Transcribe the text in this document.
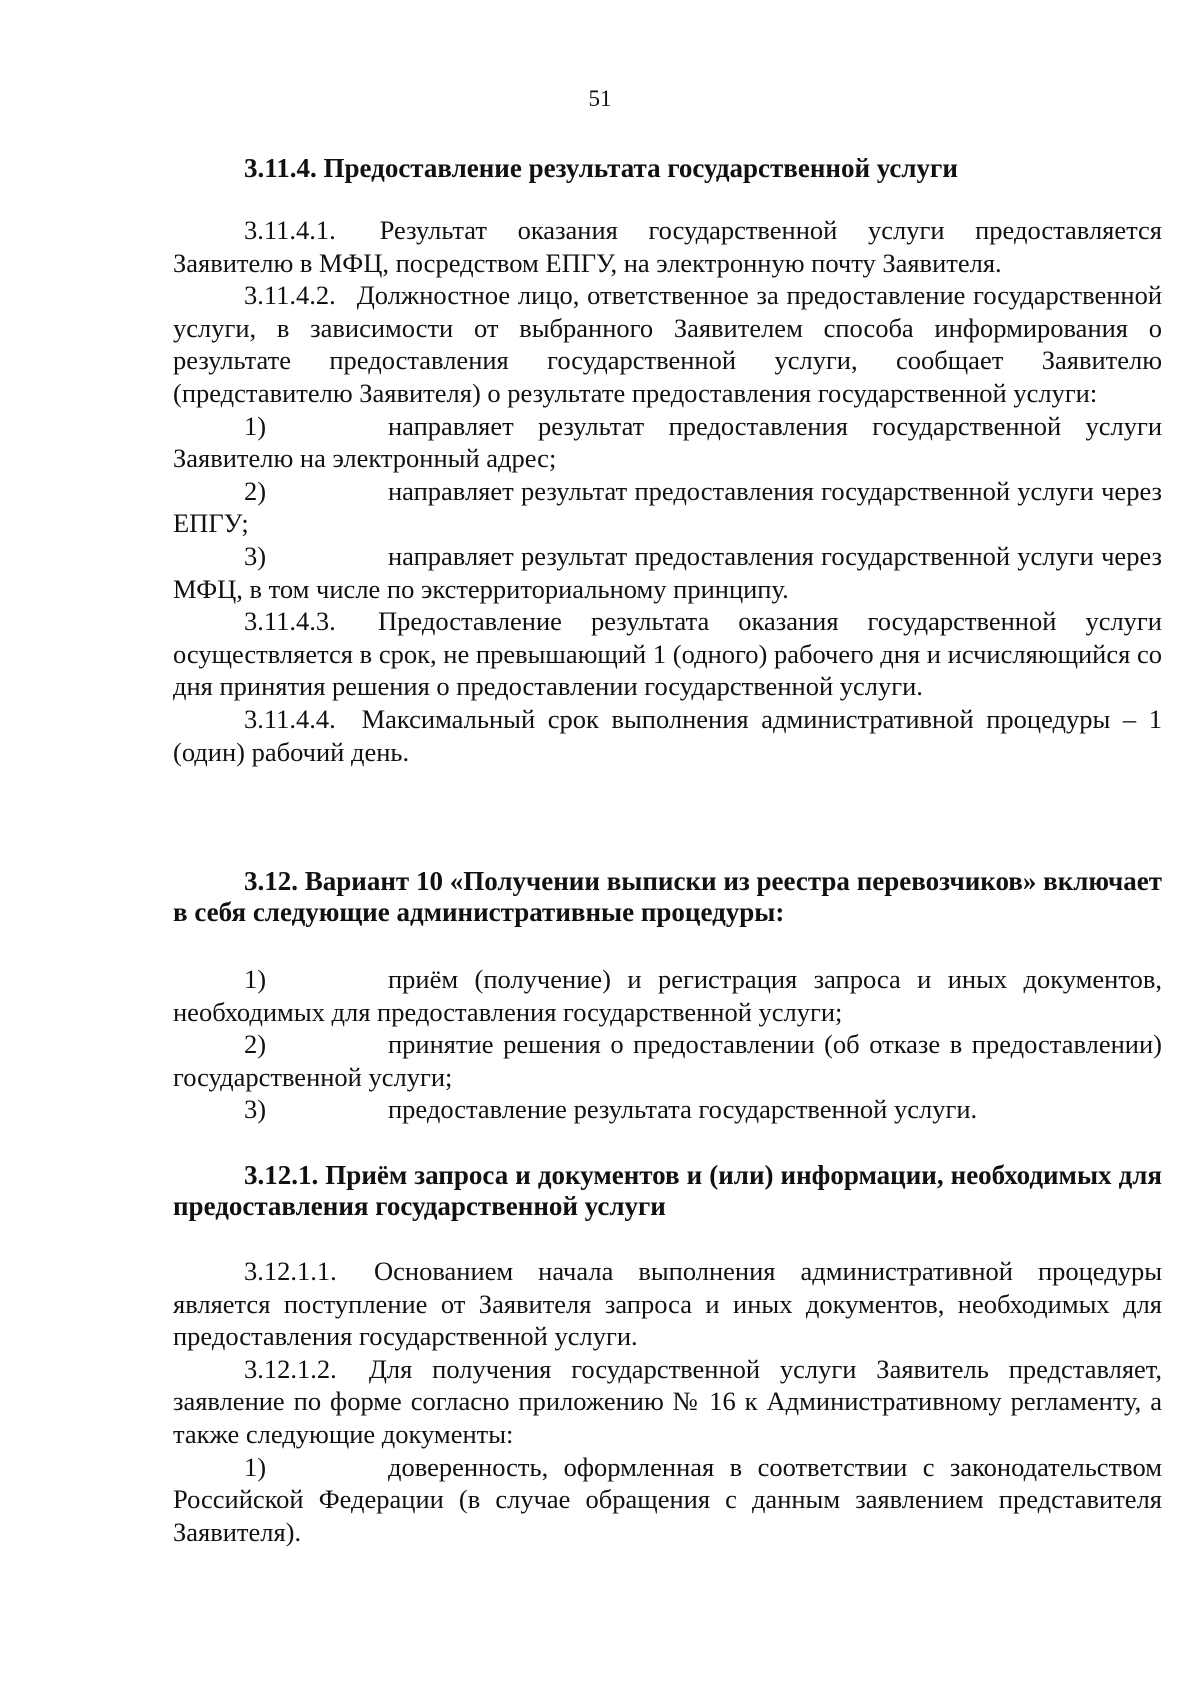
51
3.11.4. Предоставление результата государственной услуги

3.11.4.1. Результат оказания государственной услуги предоставляется Заявителю в МФЦ, посредством ЕПГУ, на электронную почту Заявителя.

3.11.4.2. Должностное лицо, ответственное за предоставление государственной услуги, в зависимости от выбранного Заявителем способа информирования о результате предоставления государственной услуги, сообщает Заявителю (представителю Заявителя) о результате предоставления государственной услуги:

1)	направляет результат предоставления государственной услуги Заявителю на электронный адрес;

2)	направляет результат предоставления государственной услуги через ЕПГУ;

3)	направляет результат предоставления государственной услуги через МФЦ, в том числе по экстерриториальному принципу.

3.11.4.3. Предоставление результата оказания государственной услуги осуществляется в срок, не превышающий 1 (одного) рабочего дня и исчисляющийся со дня принятия решения о предоставлении государственной услуги.

3.11.4.4. Максимальный срок выполнения административной процедуры – 1 (один) рабочий день.

3.12. Вариант 10 «Получении выписки из реестра перевозчиков» включает в себя следующие административные процедуры:

1)	приём (получение) и регистрация запроса и иных документов, необходимых для предоставления государственной услуги;

2)	принятие решения о предоставлении (об отказе в предоставлении) государственной услуги;

3)	предоставление результата государственной услуги.

3.12.1. Приём запроса и документов и (или) информации, необходимых для предоставления государственной услуги

3.12.1.1. Основанием начала выполнения административной процедуры является поступление от Заявителя запроса и иных документов, необходимых для предоставления государственной услуги.

3.12.1.2. Для получения государственной услуги Заявитель представляет, заявление по форме согласно приложению № 16 к Административному регламенту, а также следующие документы:

1)	доверенность, оформленная в соответствии с законодательством Российской Федерации (в случае обращения с данным заявлением представителя Заявителя).
